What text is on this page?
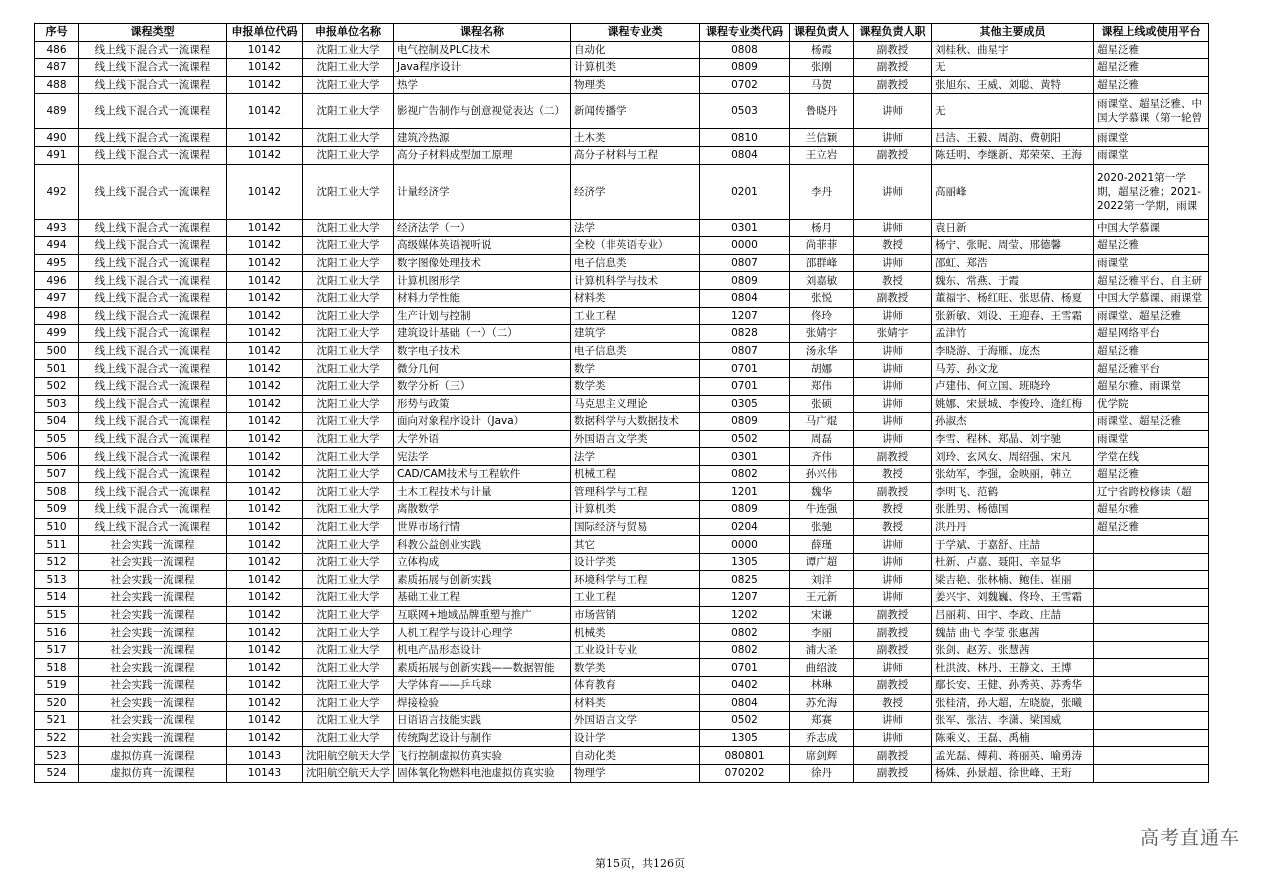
序号	课程类型	申报单位代码	申报单位名称	课程名称	课程专业类	课程专业类代码	课程负责人	课程负责人职	其他主要成员	课程上线或使用平台
486	线上线下混合式一流课程	10142	沈阳工业大学	电气控制及PLC技术	自动化	0808	杨霞	副教授	刘桂秋、曲星宇	超星泛雅
487	线上线下混合式一流课程	10142	沈阳工业大学	Java程序设计	计算机类	0809	张刚	副教授	无	超星泛雅
488	线上线下混合式一流课程	10142	沈阳工业大学	热学	物理类	0702	马贺	副教授	张旭东、王威、刘聪、黄特	超星泛雅
489	线上线下混合式一流课程	10142	沈阳工业大学	影视广告制作与创意视觉表达（二）	新闻传播学	0503	鲁晓丹	讲师	无	雨课堂、超星泛雅、中国大学慕课（第一轮曾
490	线上线下混合式一流课程	10142	沈阳工业大学	建筑冷热源	土木类	0810	兰信颖	讲师	吕洁、王毅、周韵、费朝阳	雨课堂
491	线上线下混合式一流课程	10142	沈阳工业大学	高分子材料成型加工原理	高分子材料与工程	0804	王立岩	副教授	陈廷明、李继新、郑荣荣、王海	雨课堂
492	线上线下混合式一流课程	10142	沈阳工业大学	计量经济学	经济学	0201	李丹	讲师	高丽峰	2020-2021第一学期，超星泛雅；2021-2022第一学期，雨课
493	线上线下混合式一流课程	10142	沈阳工业大学	经济法学（一）	法学	0301	杨月	讲师	袁日新	中国大学慕课
494	线上线下混合式一流课程	10142	沈阳工业大学	高级媒体英语视听说	全校（非英语专业）	0000	尚菲菲	教授	杨宁、张昵、周莹、邢德馨	超星泛雅
495	线上线下混合式一流课程	10142	沈阳工业大学	数字图像处理技术	电子信息类	0807	邵群峰	讲师	邵虹、郑浩	雨课堂
496	线上线下混合式一流课程	10142	沈阳工业大学	计算机图形学	计算机科学与技术	0809	刘嘉敏	教授	魏东、常燕、于霞	超星泛雅平台、自主研
497	线上线下混合式一流课程	10142	沈阳工业大学	材料力学性能	材料类	0804	张悦	副教授	董福宇、杨红旺、张思倩、杨夏	中国大学慕课、雨课堂
498	线上线下混合式一流课程	10142	沈阳工业大学	生产计划与控制	工业工程	1207	佟玲	讲师	张新敏、刘设、王迎春、王雪霜	雨课堂、超星泛雅
499	线上线下混合式一流课程	10142	沈阳工业大学	建筑设计基础（一）（二）	建筑学	0828	张婧宇	张婧宇	孟津竹	超星网络平台
500	线上线下混合式一流课程	10142	沈阳工业大学	数字电子技术	电子信息类	0807	汤永华	讲师	李晓游、于海雁、庞杰	超星泛雅
501	线上线下混合式一流课程	10142	沈阳工业大学	微分几何	数学	0701	胡娜	讲师	马芳、孙文龙	超星泛雅平台
502	线上线下混合式一流课程	10142	沈阳工业大学	数学分析（三）	数学类	0701	郑伟	讲师	卢建伟、何立国、班晓玲	超星尔雅、雨课堂
503	线上线下混合式一流课程	10142	沈阳工业大学	形势与政策	马克思主义理论	0305	张硕	讲师	姚娜、宋景城、李俊玲、逄红梅	优学院
504	线上线下混合式一流课程	10142	沈阳工业大学	面向对象程序设计（Java）	数据科学与大数据技术	0809	马广焜	讲师	孙淑杰	雨课堂、超星泛雅
505	线上线下混合式一流课程	10142	沈阳工业大学	大学外语	外国语言文学类	0502	周磊	讲师	李雪、程林、郑晶、刘宇驰	雨课堂
506	线上线下混合式一流课程	10142	沈阳工业大学	宪法学	法学	0301	齐伟	副教授	刘玲、玄风女、周绍强、宋凡	学堂在线
507	线上线下混合式一流课程	10142	沈阳工业大学	CAD/CAM技术与工程软件	机械工程	0802	孙兴伟	教授	张幼军，李强，金映丽，韩立	超星泛雅
508	线上线下混合式一流课程	10142	沈阳工业大学	土木工程技术与计量	管理科学与工程	1201	魏华	副教授	李明飞、范鹤	辽宁省跨校修读（超
509	线上线下混合式一流课程	10142	沈阳工业大学	离散数学	计算机类	0809	牛连强	教授	张胜男、杨德国	超星尔雅
510	线上线下混合式一流课程	10142	沈阳工业大学	世界市场行情	国际经济与贸易	0204	张驰	教授	洪丹丹	超星泛雅
511	社会实践一流课程	10142	沈阳工业大学	科教公益创业实践	其它	0000	薛瑾	讲师	于学斌、于嘉舒、庄喆	
512	社会实践一流课程	10142	沈阳工业大学	立体构成	设计学类	1305	谭广超	讲师	杜新、卢嘉、聂阳、辛显华	
513	社会实践一流课程	10142	沈阳工业大学	素质拓展与创新实践	环境科学与工程	0825	刘洋	讲师	梁吉艳、张林楠、鲍佳、崔丽	
514	社会实践一流课程	10142	沈阳工业大学	基础工业工程	工业工程	1207	王元新	讲师	姜兴宇、刘魏巍、佟玲、王雪霜	
515	社会实践一流课程	10142	沈阳工业大学	互联网+地域品牌重塑与推广	市场营销	1202	宋谦	副教授	吕丽莉、田宇、李政、庄喆	
516	社会实践一流课程	10142	沈阳工业大学	人机工程学与设计心理学	机械类	0802	李丽	副教授	魏喆 曲弋 李莹 张惠茜	
517	社会实践一流课程	10142	沈阳工业大学	机电产品形态设计	工业设计专业	0802	浦大圣	副教授	张剑、赵芳、张慧茜	
518	社会实践一流课程	10142	沈阳工业大学	素质拓展与创新实践——数据智能	数学类	0701	曲绍波	讲师	杜洪波、林丹、王静文、王博	
519	社会实践一流课程	10142	沈阳工业大学	大学体育——乒乓球	体育教育	0402	林琳	副教授	鄢长安、王健、孙秀英、苏秀华	
520	社会实践一流课程	10142	沈阳工业大学	焊接检验	材料类	0804	苏允海	教授	张桂清，孙大超，左晓旋，张曦	
521	社会实践一流课程	10142	沈阳工业大学	日语语言技能实践	外国语言文学	0502	郑赛	讲师	张军、张洁、李潇、梁国威	
522	社会实践一流课程	10142	沈阳工业大学	传统陶艺设计与制作	设计学	1305	乔志成	讲师	陈乘义、王磊、禹楠	
523	虚拟仿真一流课程	10143	沈阳航空航天大学	飞行控制虚拟仿真实验	自动化类	080801	席剑辉	副教授	孟光磊、傅莉、蒋丽英、喻勇涛	
524	虚拟仿真一流课程	10143	沈阳航空航天大学	固体氧化物燃料电池虚拟仿真实验	物理学	070202	徐丹	副教授	杨姝、孙景超、徐世峰、王珩	
高考直通车
第15页，共126页
